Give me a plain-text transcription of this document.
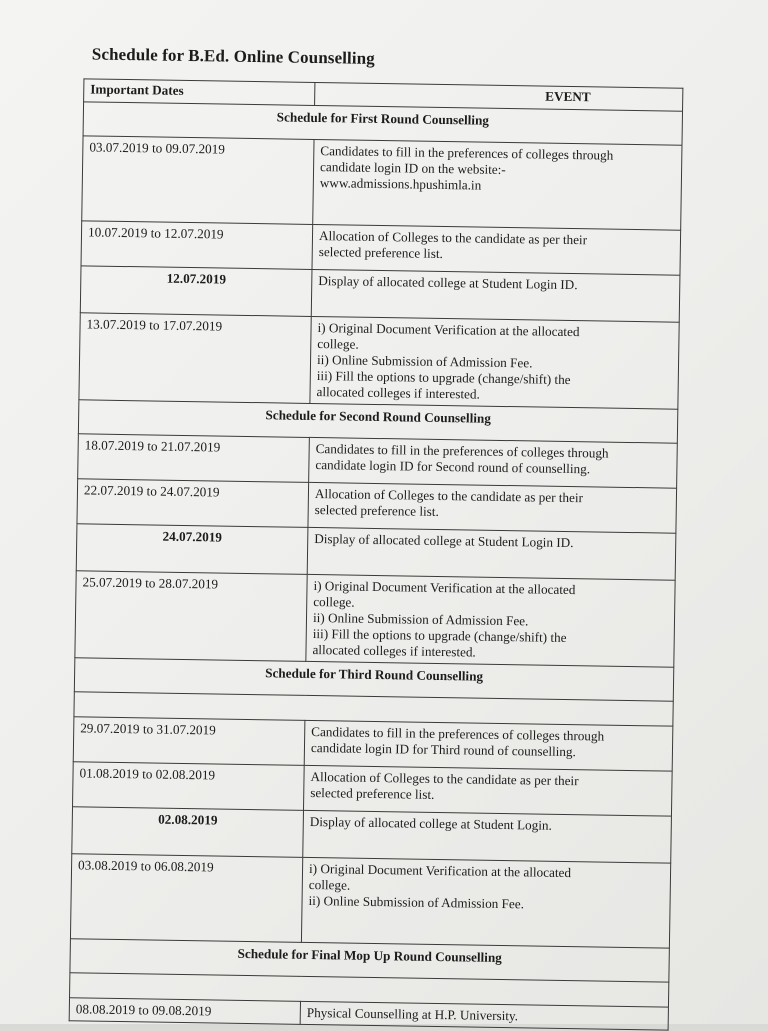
Schedule for B.Ed. Online Counselling
Important Dates	EVENT
Schedule for First Round Counselling	
03.07.2019 to 09.07.2019	Candidates to fill in the preferences of colleges through
candidate login ID on the website:-
www.admissions.hpushimla.in
10.07.2019 to 12.07.2019	Allocation of Colleges to the candidate as per their
selected preference list.
12.07.2019	Display of allocated college at Student Login ID.
13.07.2019 to 17.07.2019	i) Original Document Verification at the allocated
college.
ii) Online Submission of Admission Fee.
iii) Fill the options to upgrade (change/shift) the
allocated colleges if interested.
Schedule for Second Round Counselling	
18.07.2019 to 21.07.2019	Candidates to fill in the preferences of colleges through
candidate login ID for Second round of counselling.
22.07.2019 to 24.07.2019	Allocation of Colleges to the candidate as per their
selected preference list.
24.07.2019	Display of allocated college at Student Login ID.
25.07.2019 to 28.07.2019	i) Original Document Verification at the allocated
college.
ii) Online Submission of Admission Fee.
iii) Fill the options to upgrade (change/shift) the
allocated colleges if interested.
Schedule for Third Round Counselling	

29.07.2019 to 31.07.2019	Candidates to fill in the preferences of colleges through
candidate login ID for Third round of counselling.
01.08.2019 to 02.08.2019	Allocation of Colleges to the candidate as per their
selected preference list.
02.08.2019	Display of allocated college at Student Login.
03.08.2019 to 06.08.2019	i) Original Document Verification at the allocated
college.
ii) Online Submission of Admission Fee.
Schedule for Final Mop Up Round Counselling	

08.08.2019 to 09.08.2019	Physical Counselling at H.P. University.
